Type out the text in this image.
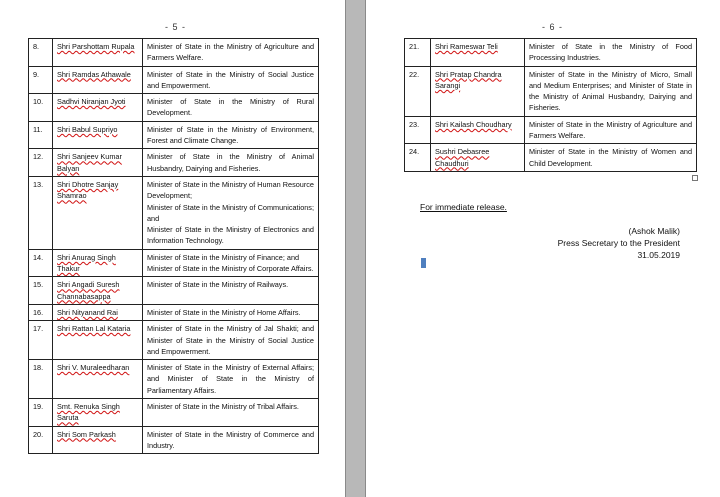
- 5 -
8.	Shri Parshottam Rupala	Minister of State in the Ministry of Agriculture and Farmers Welfare.
9.	Shri Ramdas Athawale	Minister of State in the Ministry of Social Justice and Empowerment.
10.	Sadhvi Niranjan Jyoti	Minister of State in the Ministry of Rural Development.
11.	Shri Babul Supriyo	Minister of State in the Ministry of Environment, Forest and Climate Change.
12.	Shri Sanjeev Kumar Balyan	Minister of State in the Ministry of Animal Husbandry, Dairying and Fisheries.
13.	Shri Dhotre Sanjay Shamrao	Minister of State in the Ministry of Human Resource Development;
Minister of State in the Ministry of Communications; and
Minister of State in the Ministry of Electronics and Information Technology.
14.	Shri Anurag Singh Thakur	Minister of State in the Ministry of Finance; and
Minister of State in the Ministry of Corporate Affairs.
15.	Shri Angadi Suresh Channabasappa	Minister of State in the Ministry of Railways.
16.	Shri Nityanand Rai	Minister of State in the Ministry of Home Affairs.
17.	Shri Rattan Lal Kataria	Minister of State in the Ministry of Jal Shakti; and Minister of State in the Ministry of Social Justice and Empowerment.
18.	Shri V. Muraleedharan	Minister of State in the Ministry of External Affairs; and Minister of State in the Ministry of Parliamentary Affairs.
19.	Smt. Renuka Singh Saruta	Minister of State in the Ministry of Tribal Affairs.
20.	Shri Som Parkash	Minister of State in the Ministry of Commerce and Industry.
- 6 -
21.	Shri Rameswar Teli	Minister of State in the Ministry of Food Processing Industries.
22.	Shri Pratap Chandra Sarangi	Minister of State in the Ministry of Micro, Small and Medium Enterprises; and Minister of State in the Ministry of Animal Husbandry, Dairying and Fisheries.
23.	Shri Kailash Choudhary	Minister of State in the Ministry of Agriculture and Farmers Welfare.
24.	Sushri Debasree Chaudhuri	Minister of State in the Ministry of Women and Child Development.
For immediate release.
(Ashok Malik)
Press Secretary to the President
31.05.2019
